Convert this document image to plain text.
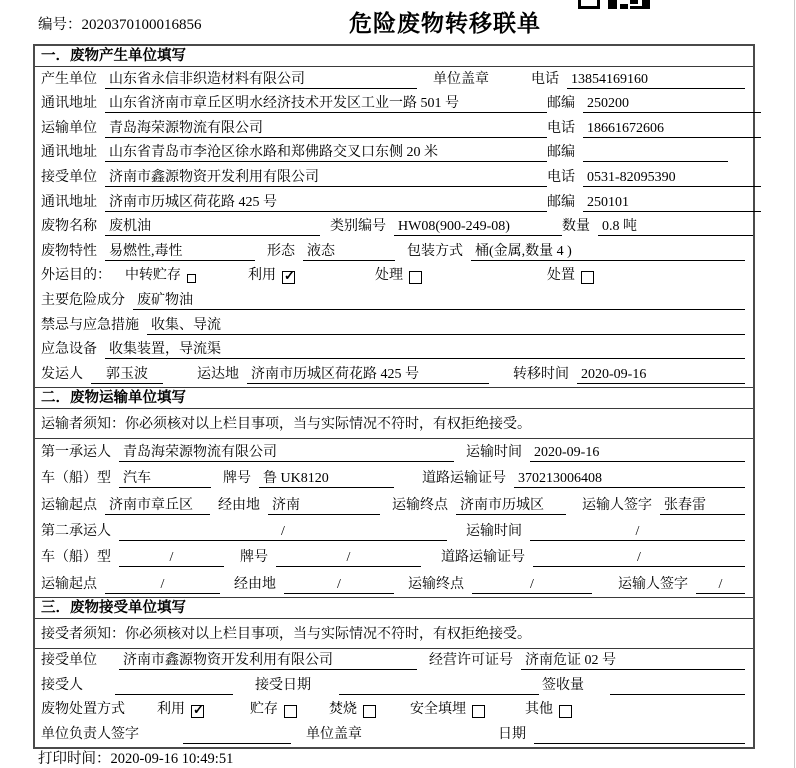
编号：2020370100016856	危险废物转移联单
一．废物产生单位填写
产生单位 山东省永信非织造材料有限公司	单位盖章	电话 13854169160
通讯地址 山东省济南市章丘区明水经济技术开发区工业一路 501 号	邮编 250200
运输单位 青岛海荣源物流有限公司	电话 18661672606
通讯地址 山东省青岛市李沧区徐水路和郑佛路交叉口东侧 20 米	邮编
接受单位 济南市鑫源物资开发利用有限公司	电话 0531-82095390
通讯地址 济南市历城区荷花路 425 号	邮编 250101
废物名称 废机油	类别编号 HW08(900-249-08)	数量 0.8 吨
废物特性 易燃性,毒性	形态 液态	包装方式 桶(金属,数量 4 )
外运目的： 中转贮存	利用 ✓	处理	处置
主要危险成分 废矿物油
禁忌与应急措施 收集、导流
应急设备 收集装置，导流渠
发运人	郭玉波	运达地 济南市历城区荷花路 425 号	转移时间 2020-09-16
二．废物运输单位填写
运输者须知：你必须核对以上栏目事项，当与实际情况不符时，有权拒绝接受。
第一承运人 青岛海荣源物流有限公司	运输时间 2020-09-16
车（船）型 汽车	牌号 鲁 UK8120	道路运输证号 370213006408
运输起点 济南市章丘区	经由地 济南	运输终点 济南市历城区	运输人签字 张春雷
第二承运人	/	运输时间	/
车（船）型	/	牌号	/	道路运输证号	/
运输起点	/	经由地	/	运输终点	/	运输人签字	/
三．废物接受单位填写
接受者须知：你必须核对以上栏目事项，当与实际情况不符时，有权拒绝接受。
接受单位 济南市鑫源物资开发利用有限公司	经营许可证号 济南危证 02 号
接受人	接受日期	签收量
废物处置方式 利用 ✓	贮存	焚烧	安全填埋	其他
单位负责人签字	单位盖章	日期
打印时间：2020-09-16 10:49:51
